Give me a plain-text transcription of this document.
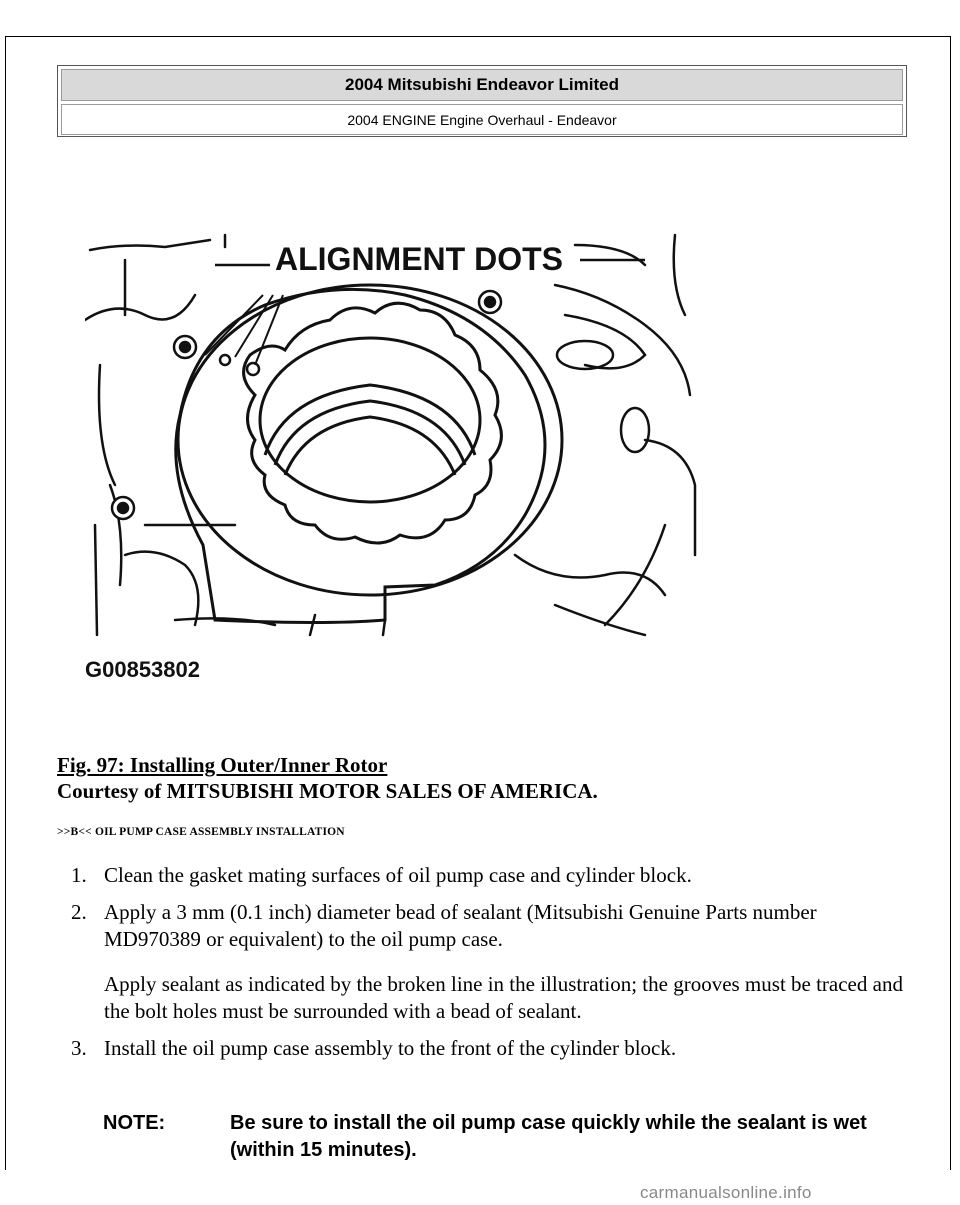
2004 Mitsubishi Endeavor Limited
2004 ENGINE Engine Overhaul - Endeavor
ALIGNMENT DOTS
G00853802
Fig. 97: Installing Outer/Inner Rotor
Courtesy of MITSUBISHI MOTOR SALES OF AMERICA.
>>B<< OIL PUMP CASE ASSEMBLY INSTALLATION
1. Clean the gasket mating surfaces of oil pump case and cylinder block.
2. Apply a 3 mm (0.1 inch) diameter bead of sealant (Mitsubishi Genuine Parts number MD970389 or equivalent) to the oil pump case.

Apply sealant as indicated by the broken line in the illustration; the grooves must be traced and the bolt holes must be surrounded with a bead of sealant.

3. Install the oil pump case assembly to the front of the cylinder block.
NOTE:	Be sure to install the oil pump case quickly while the sealant is wet (within 15 minutes).
carmanualsonline.info
